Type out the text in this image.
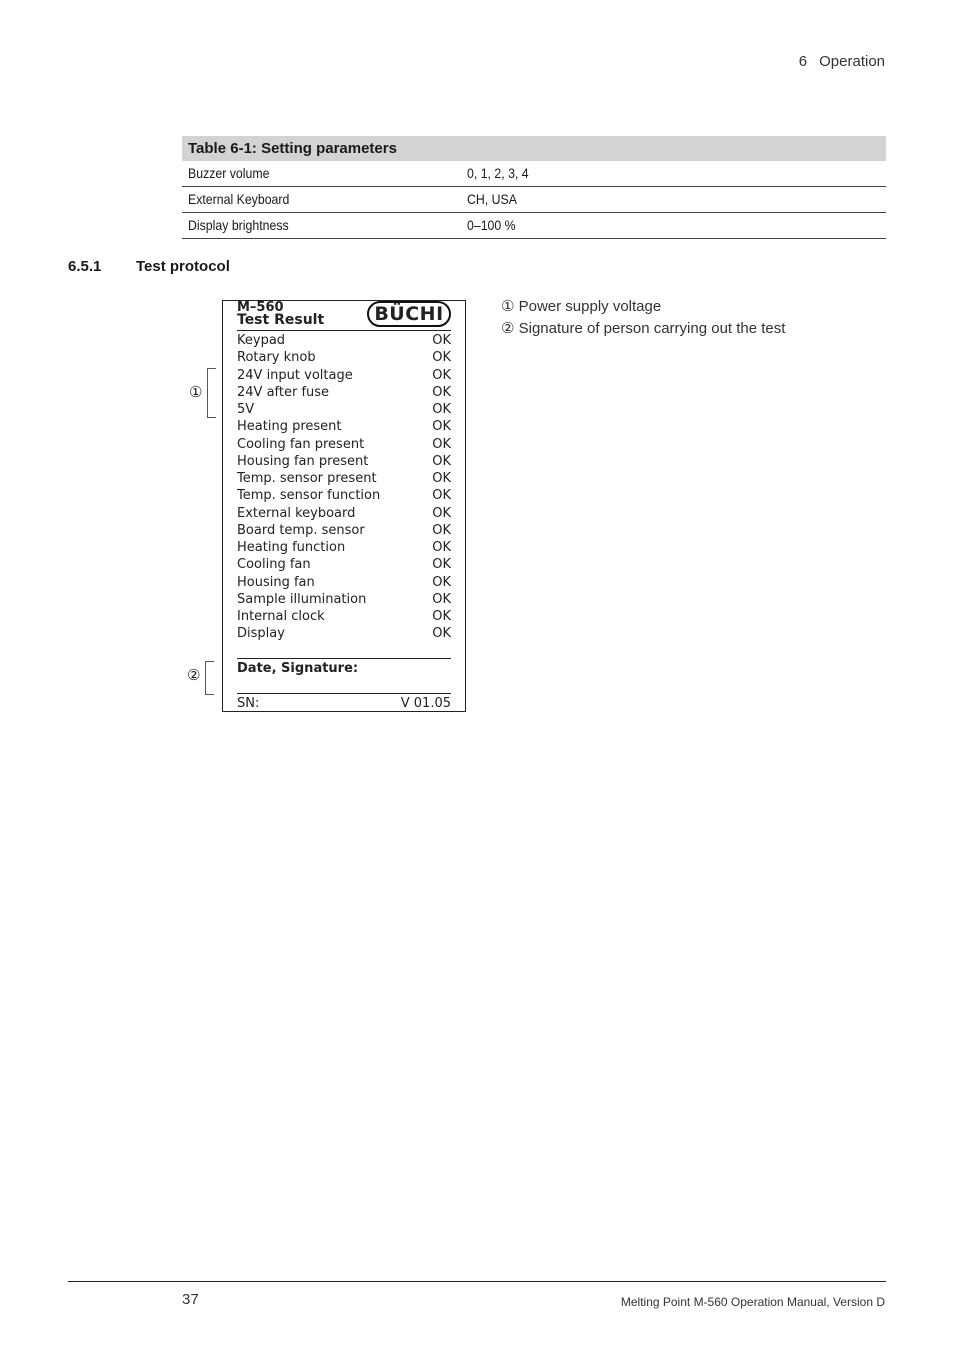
6 Operation
Table 6-1: Setting parameters
Buzzer volume	0, 1, 2, 3, 4
External Keyboard	CH, USA
Display brightness	0–100 %
6.5.1 Test protocol
M–560
Test Result	BÜCHI
Keypad	OK
Rotary knob	OK
24V input voltage	OK
24V after fuse	OK
5V	OK
Heating present	OK
Cooling fan present	OK
Housing fan present	OK
Temp. sensor present	OK
Temp. sensor function	OK
External keyboard	OK
Board temp. sensor	OK
Heating function	OK
Cooling fan	OK
Housing fan	OK
Sample illumination	OK
Internal clock	OK
Display	OK
Date, Signature:
SN:	V 01.05
①
②
① Power supply voltage
② Signature of person carrying out the test
37	Melting Point M-560 Operation Manual, Version D
